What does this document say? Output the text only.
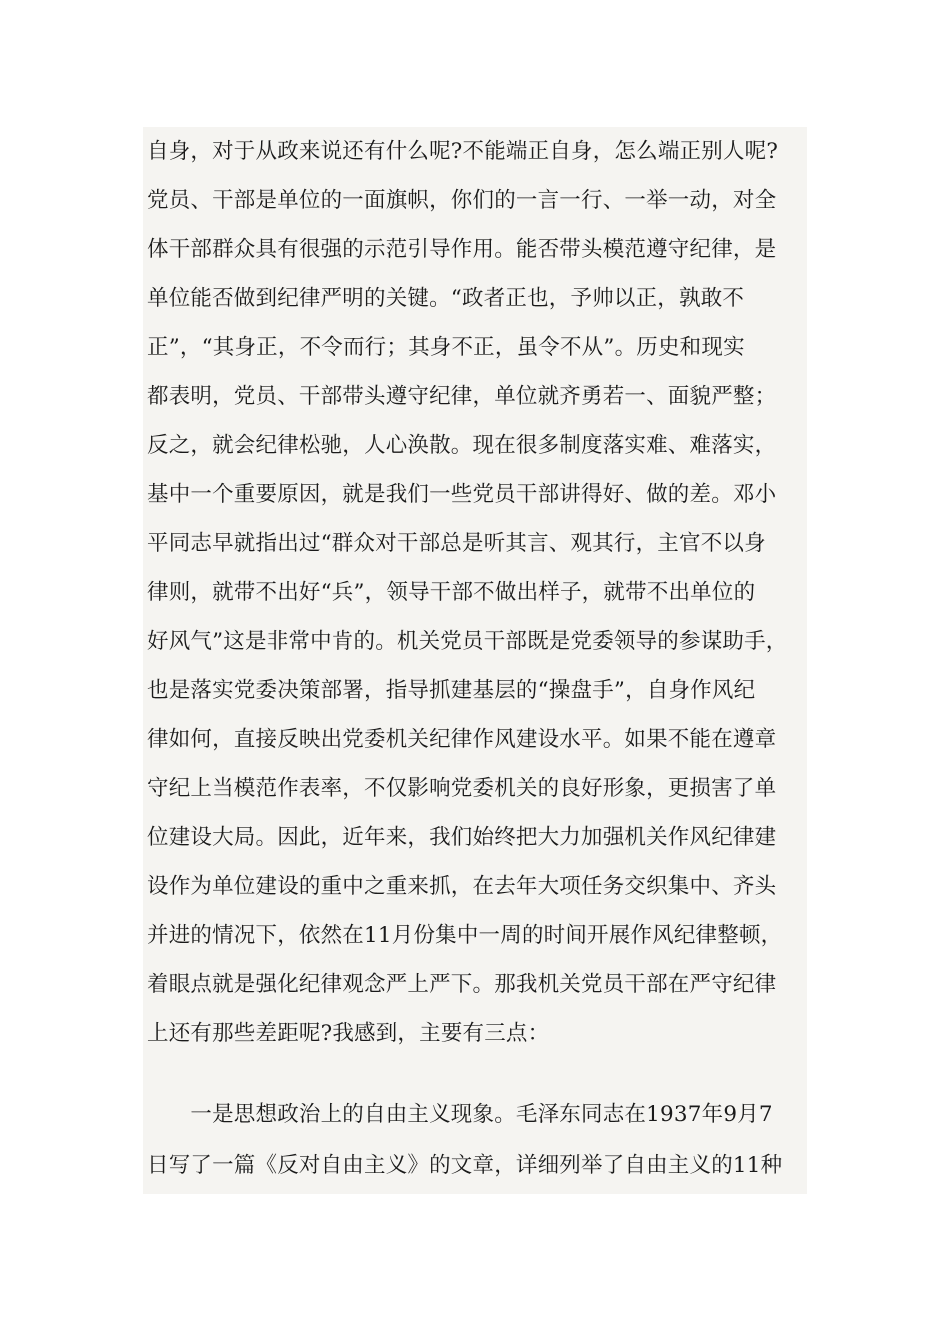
自身，对于从政来说还有什么呢?不能端正自身，怎么端正别人呢?
党员、干部是单位的一面旗帜，你们的一言一行、一举一动，对全
体干部群众具有很强的示范引导作用。能否带头模范遵守纪律，是
单位能否做到纪律严明的关键。“政者正也，予帅以正，孰敢不
正”，“其身正，不令而行；其身不正，虽令不从”。历史和现实
都表明，党员、干部带头遵守纪律，单位就齐勇若一、面貌严整；
反之，就会纪律松驰，人心涣散。现在很多制度落实难、难落实，
基中一个重要原因，就是我们一些党员干部讲得好、做的差。邓小
平同志早就指出过“群众对干部总是听其言、观其行，主官不以身
律则，就带不出好“兵”，领导干部不做出样子，就带不出单位的
好风气”这是非常中肯的。机关党员干部既是党委领导的参谋助手，
也是落实党委决策部署，指导抓建基层的“操盘手”，自身作风纪
律如何，直接反映出党委机关纪律作风建设水平。如果不能在遵章
守纪上当模范作表率，不仅影响党委机关的良好形象，更损害了单
位建设大局。因此，近年来，我们始终把大力加强机关作风纪律建
设作为单位建设的重中之重来抓，在去年大项任务交织集中、齐头
并进的情况下，依然在11月份集中一周的时间开展作风纪律整顿，
着眼点就是强化纪律观念严上严下。那我机关党员干部在严守纪律
上还有那些差距呢?我感到，主要有三点：
　　一是思想政治上的自由主义现象。毛泽东同志在1937年9月7
日写了一篇《反对自由主义》的文章，详细列举了自由主义的11种
